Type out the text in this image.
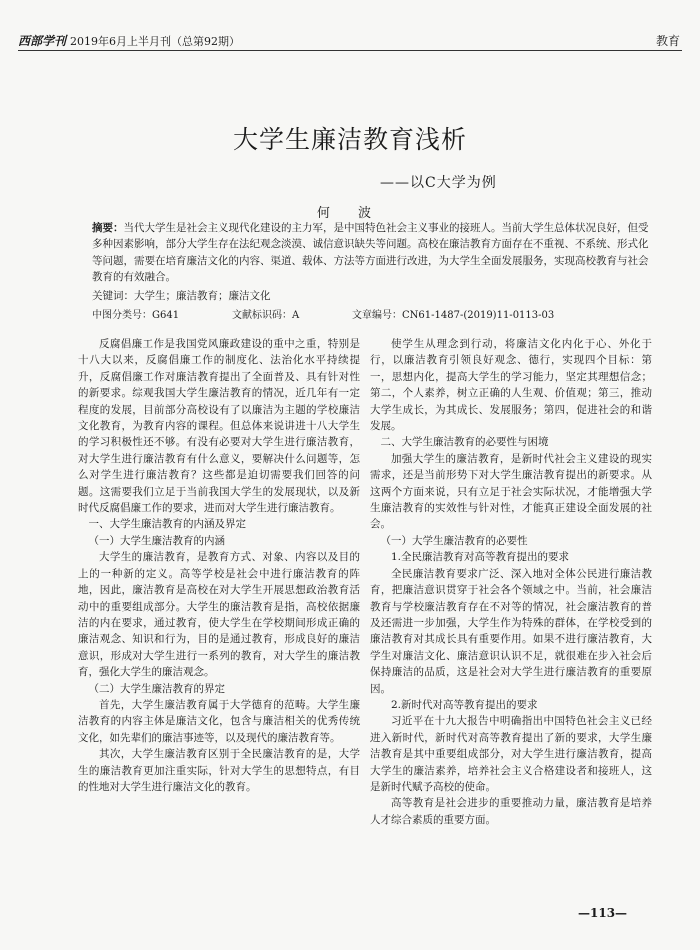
西部学刊 2019年6月上半月刊（总第92期）	教育
大学生廉洁教育浅析
——以C大学为例
何 波

摘要：当代大学生是社会主义现代化建设的主力军，是中国特色社会主义事业的接班人。当前大学生总体状况良好，但受多种因素影响，部分大学生存在法纪观念淡漠、诚信意识缺失等问题。高校在廉洁教育方面存在不重视、不系统、形式化等问题，需要在培育廉洁文化的内容、渠道、载体、方法等方面进行改进，为大学生全面发展服务，实现高校教育与社会教育的有效融合。

关键词：大学生；廉洁教育；廉洁文化
中图分类号：G641	文献标识码：A	文章编号：CN61-1487-(2019)11-0113-03

反腐倡廉工作是我国党风廉政建设的重中之重，特别是十八大以来，反腐倡廉工作的制度化、法治化水平持续提升，反腐倡廉工作对廉洁教育提出了全面普及、具有针对性的新要求。综观我国大学生廉洁教育的情况，近几年有一定程度的发展，目前部分高校设有了以廉洁为主题的学校廉洁文化教育，为教育内容的课程。但总体来说讲进十八大学生的学习积极性还不够。有没有必要对大学生进行廉洁教育，对大学生进行廉洁教育有什么意义，要解决什么问题等，怎么对学生进行廉洁教育？这些都是迫切需要我们回答的问题。这需要我们立足于当前我国大学生的发展现状，以及新时代反腐倡廉工作的要求，进而对大学生进行廉洁教育。

一、大学生廉洁教育的内涵及界定

（一）大学生廉洁教育的内涵

大学生的廉洁教育，是教育方式、对象、内容以及目的上的一种新的定义。高等学校是社会中进行廉洁教育的阵地，因此，廉洁教育是高校在对大学生开展思想政治教育活动中的重要组成部分。大学生的廉洁教育是指，高校依据廉洁的内在要求，通过教育，使大学生在学校期间形成正确的廉洁观念、知识和行为，目的是通过教育，形成良好的廉洁意识，形成对大学生进行一系列的教育，对大学生的廉洁教育，强化大学生的廉洁观念。

（二）大学生廉洁教育的界定

首先，大学生廉洁教育属于大学德育的范畴。大学生廉洁教育的内容主体是廉洁文化，包含与廉洁相关的优秀传统文化，如先辈们的廉洁事迹等，以及现代的廉洁教育等。

其次，大学生廉洁教育区别于全民廉洁教育的是，大学生的廉洁教育更加注重实际，针对大学生的思想特点，有目的性地对大学生进行廉洁文化的教育。

使学生从理念到行动，将廉洁文化内化于心、外化于行，以廉洁教育引领良好观念、德行，实现四个目标：第一，思想内化，提高大学生的学习能力，坚定其理想信念；第二，个人素养，树立正确的人生观、价值观；第三，推动大学生成长，为其成长、发展服务；第四，促进社会的和谐发展。

二、大学生廉洁教育的必要性与困境

加强大学生的廉洁教育，是新时代社会主义建设的现实需求，还是当前形势下对大学生廉洁教育提出的新要求。从这两个方面来说，只有立足于社会实际状况，才能增强大学生廉洁教育的实效性与针对性，才能真正建设全面发展的社会。

（一）大学生廉洁教育的必要性

1.全民廉洁教育对高等教育提出的要求

全民廉洁教育要求广泛、深入地对全体公民进行廉洁教育，把廉洁意识贯穿于社会各个领域之中。当前，社会廉洁教育与学校廉洁教育存在不对等的情况，社会廉洁教育的普及还需进一步加强，大学生作为特殊的群体，在学校受到的廉洁教育对其成长具有重要作用。如果不进行廉洁教育，大学生对廉洁文化、廉洁意识认识不足，就很难在步入社会后保持廉洁的品质，这是社会对大学生进行廉洁教育的重要原因。

2.新时代对高等教育提出的要求

习近平在十九大报告中明确指出中国特色社会主义已经进入新时代，新时代对高等教育提出了新的要求，大学生廉洁教育是其中重要组成部分，对大学生进行廉洁教育，提高大学生的廉洁素养，培养社会主义合格建设者和接班人，这是新时代赋予高校的使命。

高等教育是社会进步的重要推动力量，廉洁教育是培养人才综合素质的重要方面。

—113—
